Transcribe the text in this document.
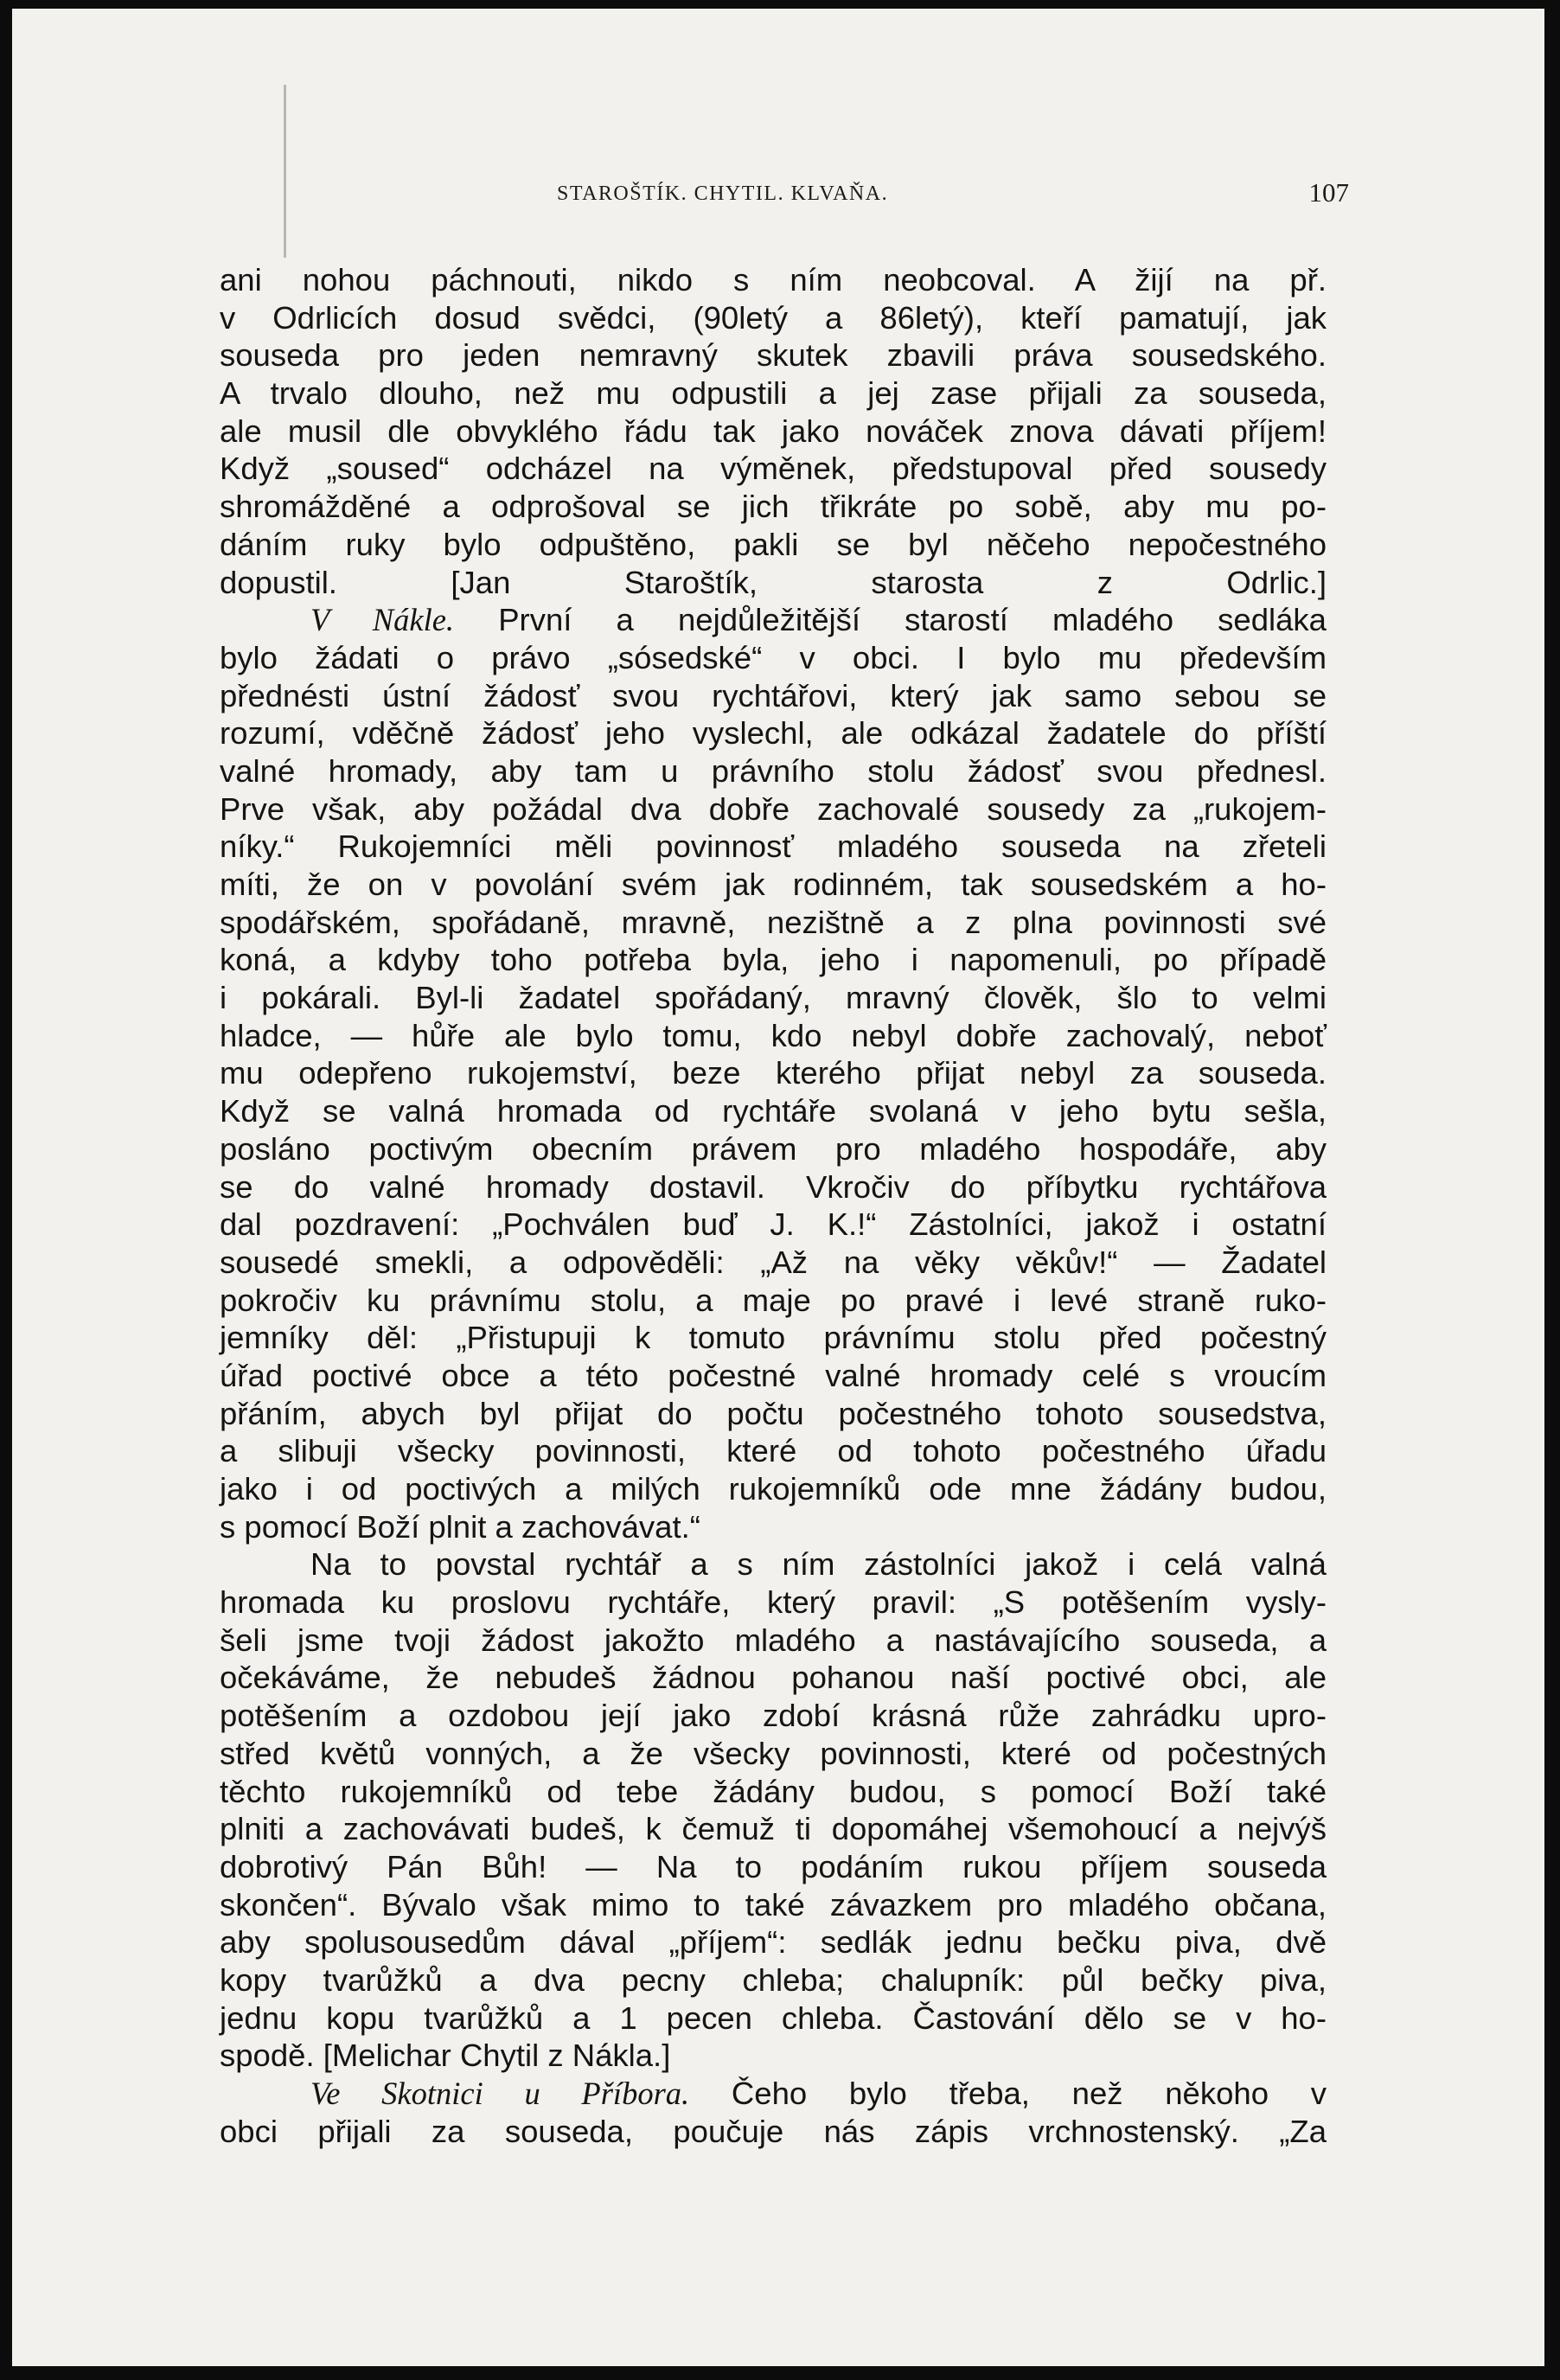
STAROŠTÍK. CHYTIL. KLVAŇA.	107
ani nohou páchnouti, nikdo s ním neobcoval. A žijí na př.
v Odrlicích dosud svědci, (90letý a 86letý), kteří pamatují, jak
souseda pro jeden nemravný skutek zbavili práva sousedského.
A trvalo dlouho, než mu odpustili a jej zase přijali za souseda,
ale musil dle obvyklého řádu tak jako nováček znova dávati příjem!
Když „soused“ odcházel na výměnek, předstupoval před sousedy
shromážděné a odprošoval se jich třikráte po sobě, aby mu po-
dáním ruky bylo odpuštěno, pakli se byl něčeho nepočestného
dopustil. [Jan Staroštík, starosta z Odrlic.]
V Nákle. První a nejdůležitější starostí mladého sedláka
bylo žádati o právo „sósedské“ v obci. I bylo mu především
přednésti ústní žádosť svou rychtářovi, který jak samo sebou se
rozumí, vděčně žádosť jeho vyslechl, ale odkázal žadatele do příští
valné hromady, aby tam u právního stolu žádosť svou přednesl.
Prve však, aby požádal dva dobře zachovalé sousedy za „rukojem-
níky.“ Rukojemníci měli povinnosť mladého souseda na zřeteli
míti, že on v povolání svém jak rodinném, tak sousedském a ho-
spodářském, spořádaně, mravně, nezištně a z plna povinnosti své
koná, a kdyby toho potřeba byla, jeho i napomenuli, po případě
i pokárali. Byl-li žadatel spořádaný, mravný člověk, šlo to velmi
hladce, — hůře ale bylo tomu, kdo nebyl dobře zachovalý, neboť
mu odepřeno rukojemství, beze kterého přijat nebyl za souseda.
Když se valná hromada od rychtáře svolaná v jeho bytu sešla,
posláno poctivým obecním právem pro mladého hospodáře, aby
se do valné hromady dostavil. Vkročiv do příbytku rychtářova
dal pozdravení: „Pochválen buď J. K.!“ Zástolníci, jakož i ostatní
sousedé smekli, a odpověděli: „Až na věky věkův!“ — Žadatel
pokročiv ku právnímu stolu, a maje po pravé i levé straně ruko-
jemníky děl: „Přistupuji k tomuto právnímu stolu před počestný
úřad poctivé obce a této počestné valné hromady celé s vroucím
přáním, abych byl přijat do počtu počestného tohoto sousedstva,
a slibuji všecky povinnosti, které od tohoto počestného úřadu
jako i od poctivých a milých rukojemníků ode mne žádány budou,
s pomocí Boží plnit a zachovávat.“
Na to povstal rychtář a s ním zástolníci jakož i celá valná
hromada ku proslovu rychtáře, který pravil: „S potěšením vysly-
šeli jsme tvoji žádost jakožto mladého a nastávajícího souseda, a
očekáváme, že nebudeš žádnou pohanou naší poctivé obci, ale
potěšením a ozdobou její jako zdobí krásná růže zahrádku upro-
střed květů vonných, a že všecky povinnosti, které od počestných
těchto rukojemníků od tebe žádány budou, s pomocí Boží také
plniti a zachovávati budeš, k čemuž ti dopomáhej všemohoucí a nejvýš
dobrotivý Pán Bůh! — Na to podáním rukou příjem souseda
skončen“. Bývalo však mimo to také závazkem pro mladého občana,
aby spolusousedům dával „příjem“: sedlák jednu bečku piva, dvě
kopy tvarůžků a dva pecny chleba; chalupník: půl bečky piva,
jednu kopu tvarůžků a 1 pecen chleba. Častování dělo se v ho-
spodě. [Melichar Chytil z Nákla.]
Ve Skotnici u Příbora. Čeho bylo třeba, než někoho v
obci přijali za souseda, poučuje nás zápis vrchnostenský. „Za
